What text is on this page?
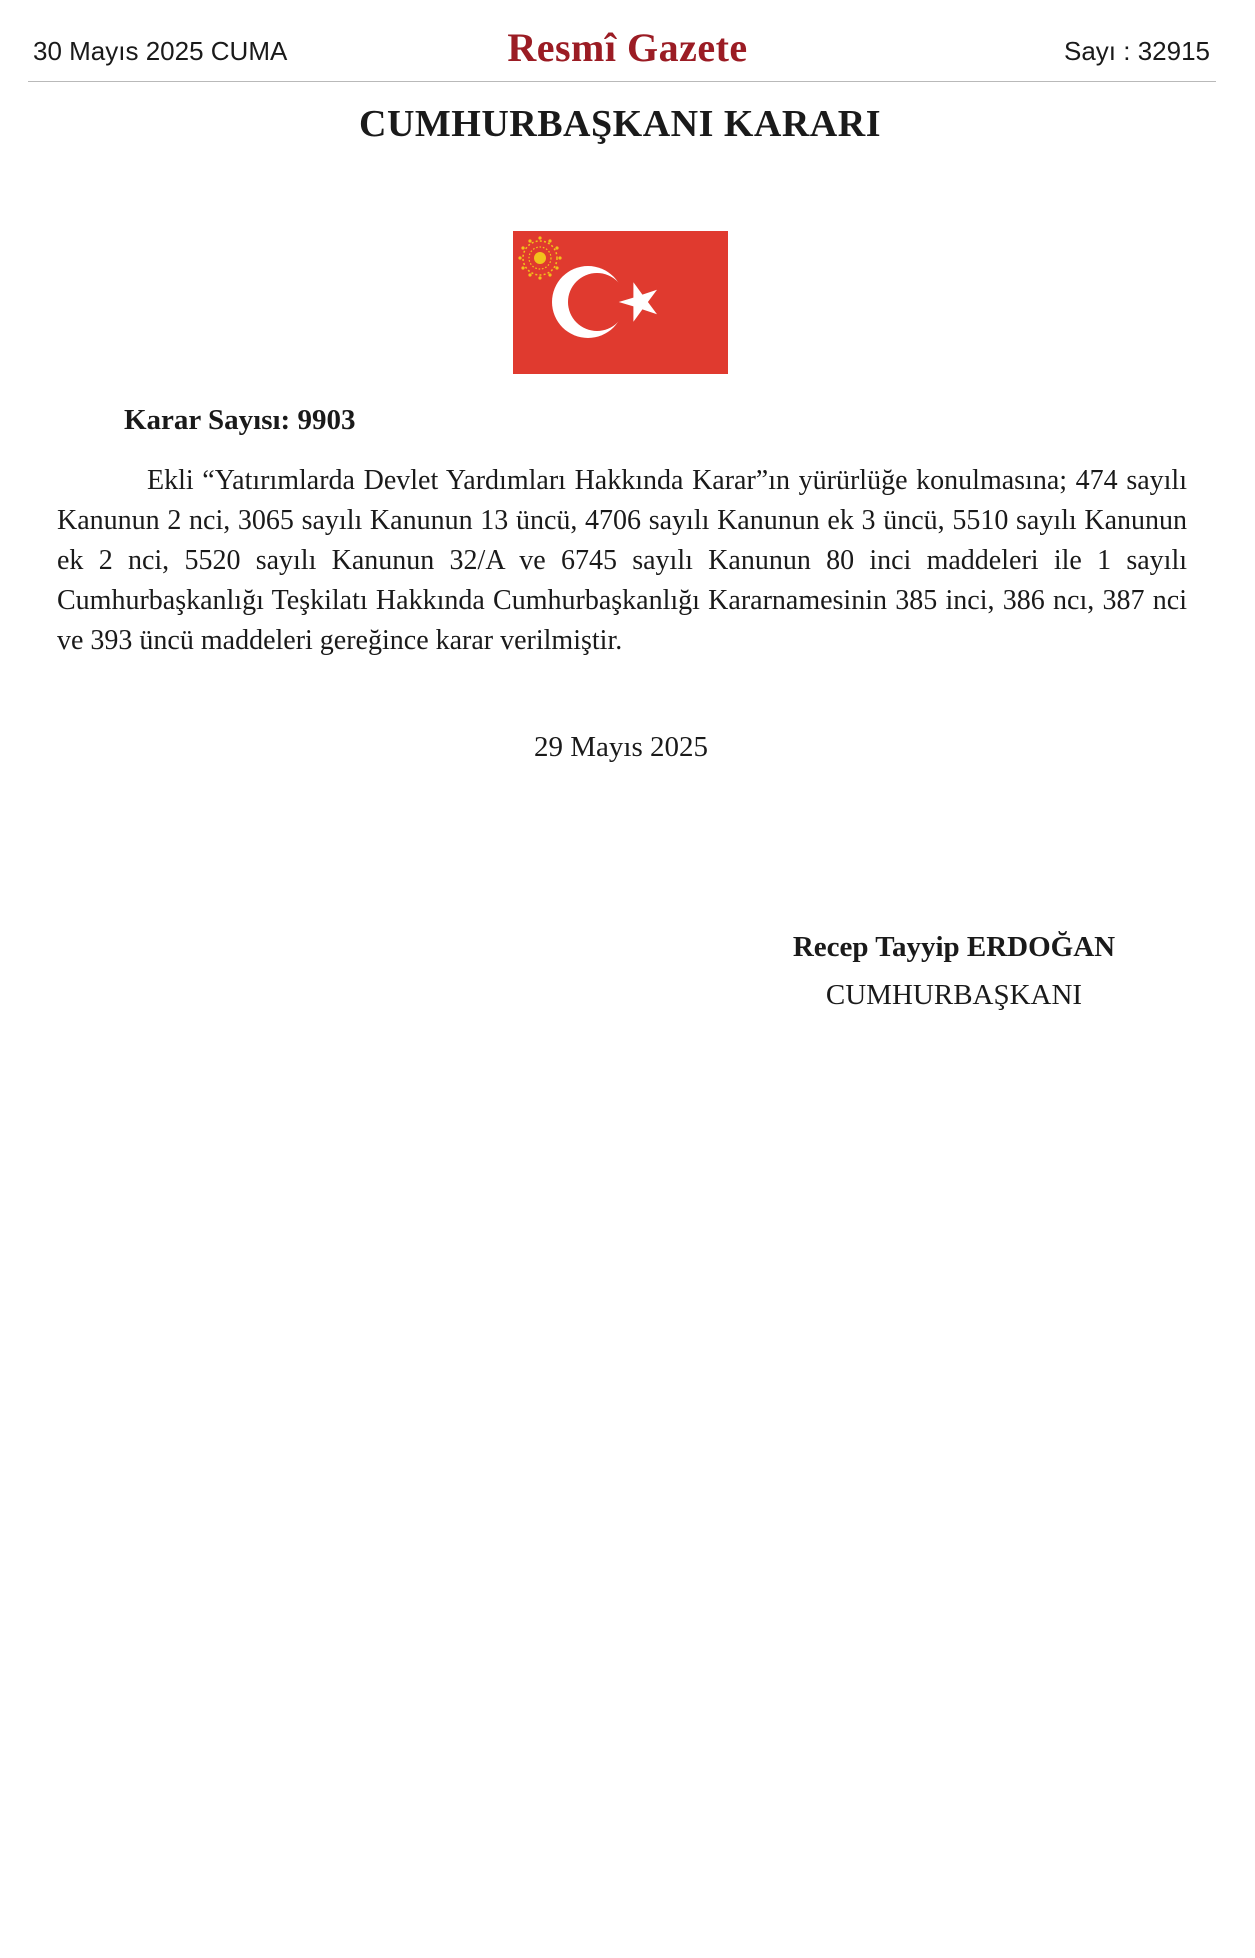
30 Mayıs 2025 CUMA	Resmî Gazete	Sayı : 32915
CUMHURBAŞKANI KARARI
Karar Sayısı: 9903

Ekli “Yatırımlarda Devlet Yardımları Hakkında Karar”ın yürürlüğe konulmasına; 474 sayılı Kanunun 2 nci, 3065 sayılı Kanunun 13 üncü, 4706 sayılı Kanunun ek 3 üncü, 5510 sayılı Kanunun ek 2 nci, 5520 sayılı Kanunun 32/A ve 6745 sayılı Kanunun 80 inci maddeleri ile 1 sayılı Cumhurbaşkanlığı Teşkilatı Hakkında Cumhurbaşkanlığı Kararnamesinin 385 inci, 386 ncı, 387 nci ve 393 üncü maddeleri gereğince karar verilmiştir.

29 Mayıs 2025
Recep Tayyip ERDOĞAN
CUMHURBAŞKANI
